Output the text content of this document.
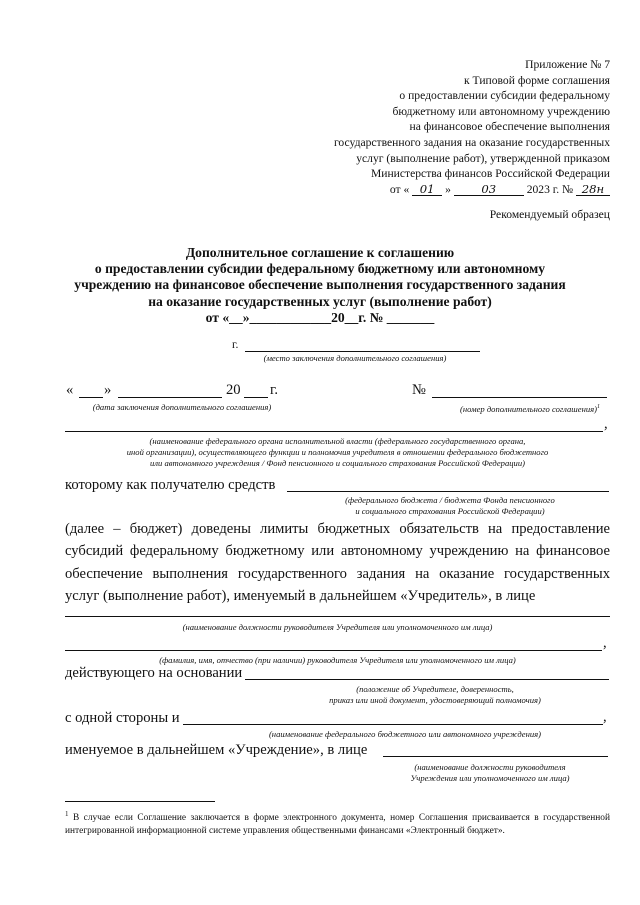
Приложение № 7
к Типовой форме соглашения
о предоставлении субсидии федеральному
бюджетному или автономному учреждению
на финансовое обеспечение выполнения
государственного задания на оказание государственных
услуг (выполнение работ), утвержденной приказом
Министерства финансов Российской Федерации
от « 01 »	03	2023 г. № 28н
Рекомендуемый образец
Дополнительное соглашение к соглашению
о предоставлении субсидии федеральному бюджетному или автономному
учреждению на финансовое обеспечение выполнения государственного задания
на оказание государственных услуг (выполнение работ)
от «__»____________20__г. № _______
г.
(место заключения дополнительного соглашения)
« »	20 г.
(дата заключения дополнительного соглашения)
№
(номер дополнительного соглашения)$^1$
,
(наименование федерального органа исполнительной власти (федерального государственного органа,
иной организации), осуществляющего функции и полномочия учредителя в отношении федерального бюджетного
или автономного учреждения / Фонд пенсионного и социального страхования Российской Федерации)
которому как получателю средств
(федерального бюджета / бюджета Фонда пенсионного
и социального страхования Российской Федерации)
(далее – бюджет) доведены лимиты бюджетных обязательств на предоставление субсидий федеральному бюджетному или автономному учреждению на финансовое обеспечение выполнения государственного задания на оказание государственных услуг (выполнение работ), именуемый в дальнейшем «Учредитель», в лице
(наименование должности руководителя Учредителя или уполномоченного им лица)
,
(фамилия, имя, отчество (при наличии) руководителя Учредителя или уполномоченного им лица)
действующего на основании
(положение об Учредителе, доверенность,
приказ или иной документ, удостоверяющий полномочия)
с одной стороны и	,
(наименование федерального бюджетного или автономного учреждения)
именуемое в дальнейшем «Учреждение», в лице
(наименование должности руководителя
Учреждения или уполномоченного им лица)
$^1$ В случае если Соглашение заключается в форме электронного документа, номер Соглашения присваивается в государственной интегрированной информационной системе управления общественными финансами «Электронный бюджет».
